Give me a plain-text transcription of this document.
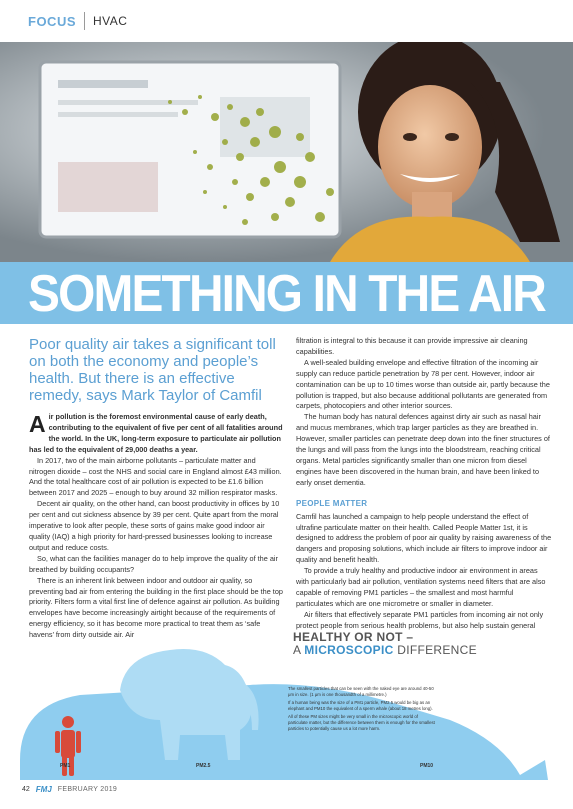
FOCUS HVAC
SOMETHING IN THE AIR
Poor quality air takes a significant toll on both the economy and people’s health. But there is an effective remedy, says Mark Taylor of Camfil

Air pollution is the foremost environmental cause of early death, contributing to the equivalent of five per cent of all fatalities around the world. In the UK, long-term exposure to particulate air pollution has led to the equivalent of 29,000 deaths a year.

In 2017, two of the main airborne pollutants – particulate matter and nitrogen dioxide – cost the NHS and social care in England almost £43 million. And the total healthcare cost of air pollution is expected to be £1.6 billion between 2017 and 2025 – enough to buy around 32 million respirator masks.

Decent air quality, on the other hand, can boost productivity in offices by 10 per cent and cut sickness absence by 39 per cent. Quite apart from the moral imperative to look after people, these sorts of gains make good indoor air quality (IAQ) a high priority for hard-pressed businesses looking to increase output and reduce costs.

So, what can the facilities manager do to help improve the quality of the air breathed by building occupants?

There is an inherent link between indoor and outdoor air quality, so preventing bad air from entering the building in the first place should be the top priority. Filters form a vital first line of defence against air pollution. As building envelopes have become increasingly airtight because of the requirements of energy efficiency, so it has become more practical to treat them as ‘safe havens’ from dirty outside air. Air

filtration is integral to this because it can provide impressive air cleaning capabilities.

A well-sealed building envelope and effective filtration of the incoming air supply can reduce particle penetration by 78 per cent. However, indoor air contamination can be up to 10 times worse than outside air, partly because the pollution is trapped, but also because additional pollutants are generated from carpets, photocopiers and other interior sources.

The human body has natural defences against dirty air such as nasal hair and mucus membranes, which trap larger particles as they are breathed in. However, smaller particles can penetrate deep down into the finer structures of the lungs and will pass from the lungs into the bloodstream, reaching critical organs. Metal particles significantly smaller than one micron from diesel engines have been discovered in the human brain, and have been linked to early onset dementia.

PEOPLE MATTER

Camfil has launched a campaign to help people understand the effect of ultrafine particulate matter on their health. Called People Matter 1st, it is designed to address the problem of poor air quality by raising awareness of the dangers and proposing solutions, which include air filters to improve indoor air quality and benefit health.

To provide a truly healthy and productive indoor air environment in areas with particularly bad air pollution, ventilation systems need filters that are also capable of removing PM1 particles – the smallest and most harmful particulates which are one micrometre or smaller in diameter.

Air filters that effectively separate PM1 particles from incoming air not only protect people from serious health problems, but also help sustain general

HEALTHY OR NOT –
A MICROSCOPIC DIFFERENCE

The smallest particles that can be seen with the naked eye are around 40-50 μm in size. (1 μm is one thousandth of a millimetre.)

If a human being was the size of a PM1 particle, PM2.5 would be big as an elephant and PM10 the equivalent of a sperm whale (about 18 metres long).

All of these PM sizes might be very small in the microscopic world of particulate matter, but the difference between them is enough for the smallest particles to potentially cause us a lot more harm.

PM1	PM2.5	PM10
42 FMJ FEBRUARY 2019
